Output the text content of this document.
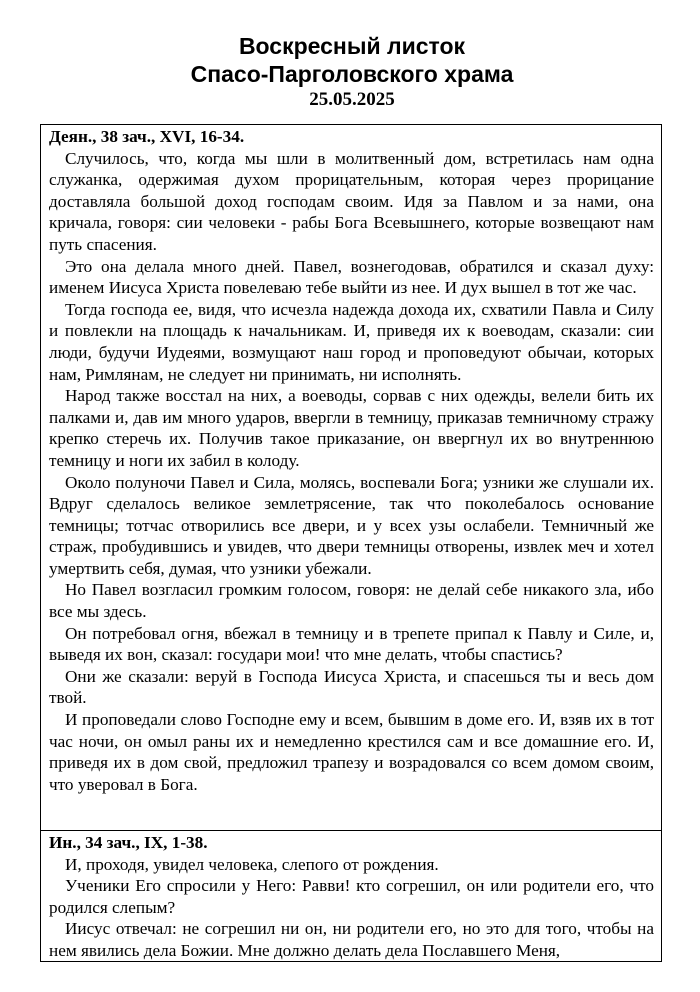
Воскресный листок
Спасо-Парголовского храма
25.05.2025

Деян., 38 зач., XVI, 16-34.

Случилось, что, когда мы шли в молитвенный дом, встретилась нам одна служанка, одержимая духом прорицательным, которая через прорицание доставляла большой доход господам своим. Идя за Павлом и за нами, она кричала, говоря: сии человеки - рабы Бога Всевышнего, которые возвещают нам путь спасения.

Это она делала много дней. Павел, вознегодовав, обратился и сказал духу: именем Иисуса Христа повелеваю тебе выйти из нее. И дух вышел в тот же час.

Тогда господа ее, видя, что исчезла надежда дохода их, схватили Павла и Силу и повлекли на площадь к начальникам. И, приведя их к воеводам, сказали: сии люди, будучи Иудеями, возмущают наш город и проповедуют обычаи, которых нам, Римлянам, не следует ни принимать, ни исполнять.

Народ также восстал на них, а воеводы, сорвав с них одежды, велели бить их палками и, дав им много ударов, ввергли в темницу, приказав темничному стражу крепко стеречь их. Получив такое приказание, он ввергнул их во внутреннюю темницу и ноги их забил в колоду.

Около полуночи Павел и Сила, молясь, воспевали Бога; узники же слушали их. Вдруг сделалось великое землетрясение, так что поколебалось основание темницы; тотчас отворились все двери, и у всех узы ослабели. Темничный же страж, пробудившись и увидев, что двери темницы отворены, извлек меч и хотел умертвить себя, думая, что узники убежали.

Но Павел возгласил громким голосом, говоря: не делай себе никакого зла, ибо все мы здесь.

Он потребовал огня, вбежал в темницу и в трепете припал к Павлу и Силе, и, выведя их вон, сказал: государи мои! что мне делать, чтобы спастись?

Они же сказали: веруй в Господа Иисуса Христа, и спасешься ты и весь дом твой.

И проповедали слово Господне ему и всем, бывшим в доме его. И, взяв их в тот час ночи, он омыл раны их и немедленно крестился сам и все домашние его. И, приведя их в дом свой, предложил трапезу и возрадовался со всем домом своим, что уверовал в Бога.

Ин., 34 зач., IX, 1-38.

И, проходя, увидел человека, слепого от рождения.

Ученики Его спросили у Него: Равви! кто согрешил, он или родители его, что родился слепым?

Иисус отвечал: не согрешил ни он, ни родители его, но это для того, чтобы на нем явились дела Божии. Мне должно делать дела Пославшего Меня,
